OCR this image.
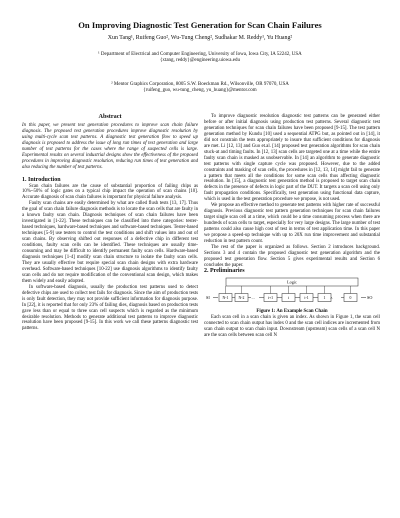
On Improving Diagnostic Test Generation for Scan Chain Failures
Xun Tang¹, Ruifeng Guo², Wu-Tung Cheng², Sudhakar M. Reddy¹, Yu Huang²
¹ Department of Electrical and Computer Engineering, University of Iowa, Iowa City, IA 52242, USA
{xtang, reddy}@engineering.uiowa.edu
² Mentor Graphics Corporation, 8005 S.W. Boeckman Rd., Wilsonville, OR 97070, USA
{ruifeng_guo, wu-tung_cheng, yu_huang}@mentor.com
Abstract

In this paper, we present test generation procedures to improve scan chain failure diagnosis. The proposed test generation procedures improve diagnostic resolution by using multi-cycle scan test patterns. A diagnostic test generation flow to speed up diagnosis is proposed to address the issue of long run times of test generation and large number of test patterns for the cases where the range of suspected cells is large. Experimental results on several industrial designs show the effectiveness of the proposed procedures in improving diagnostic resolution, reducing run times of test generation and also reducing the number of test patterns.

1. Introduction

Scan chain failures are the cause of substantial proportion of failing chips as 10%~50% of logic gates on a typical chip impact the operation of scan chains [10]. Accurate diagnosis of scan chain failures is important for physical failure analysis.

Faulty scan chains are easily determined by what are called flush tests [13, 17]. Thus the goal of scan chain failure diagnosis methods is to locate the scan cells that are faulty in a known faulty scan chain. Diagnosis techniques of scan chain failures have been investigated in [1-22]. These techniques can be classified into three categories: tester-based techniques, hardware-based techniques and software-based techniques. Tester-based techniques [5-9] use testers to control the test conditions and shift values into and out of scan chains. By observing shifted out responses of a defective chip in different test conditions, faulty scan cells can be identified. These techniques are usually time-consuming and may be difficult to identify permanent faulty scan cells. Hardware-based diagnosis techniques [1-4] modify scan chain structure to isolate the faulty scan cells. They are usually effective but require special scan chain designs with extra hardware overhead. Software-based techniques [10-22] use diagnosis algorithms to identify faulty scan cells and do not require modification of the conventional scan design, which makes them widely and easily adopted.

In software-based diagnosis, usually the production test patterns used to detect defective chips are used to collect test fails for diagnosis. Since the aim of production tests is only fault detection, they may not provide sufficient information for diagnosis purpose. In [22], it is reported that for only 23% of failing dies, diagnosis based on production tests gave less than or equal to three scan cell suspects which is regarded as the minimum desirable resolution. Methods to generate additional test patterns to improve diagnostic resolution have been proposed [9-15]. In this work we call these patterns diagnostic test patterns.

To improve diagnostic resolution diagnostic test patterns can be generated either before or after initial diagnosis using production test patterns. Several diagnostic test generation techniques for scan chain failures have been proposed [9-15]. The test pattern generation method by Kundu [10] used a sequential ATPG but, as pointed out in [14], it did not constrain the tests appropriately to insure that sufficient conditions for diagnosis are met. Li [12, 13] and Guo et.al. [14] proposed test generation algorithms for scan chain stuck-at and timing faults. In [12, 13] scan cells are targeted one at a time while the entire faulty scan chain is masked as unobservable. In [14] an algorithm to generate diagnostic test patterns with single capture cycle was proposed. However, due to the added constraints and masking of scan cells, the procedures in [12, 13, 14] might fail to generate a pattern that meets all the conditions for some scan cells thus affecting diagnostic resolution. In [15], a diagnostic test generation method is proposed to target scan chain defects in the presence of defects in logic part of the DUT. It targets a scan cell using only fault propagation conditions. Specifically, test generation using functional data capture, which is used in the test generation procedure we propose, is not used.

We propose an effective method to generate test patterns with higher rate of successful diagnosis. Previous diagnostic test pattern generation techniques for scan chain failures target single scan cell at a time, which could be a time consuming process when there are hundreds of scan cells to target, especially for very large designs. The large number of test patterns could also cause high cost of test in terms of test application time. In this paper we propose a speed-up technique with up to 20X run time improvement and substantial reduction in test pattern count.

The rest of the paper is organized as follows. Section 2 introduces background. Sections 3 and 4 contain the proposed diagnostic test generation algorithm and the proposed test generation flow. Section 5 gives experimental results and Section 6 concludes the paper.

2. Preliminaries

Logic
SI	SO
N-1	N-2	i+1	i	i-1	1	0
...	...

Figure 1: An Example Scan Chain

Each scan cell in a scan chain is given an index. As shown in Figure 1, the scan cell connected to scan chain output has index 0 and the scan cell indices are incremented from scan chain output to scan chain input. Downstream (upstream) scan cells of a scan cell N are the scan cells between scan cell N
